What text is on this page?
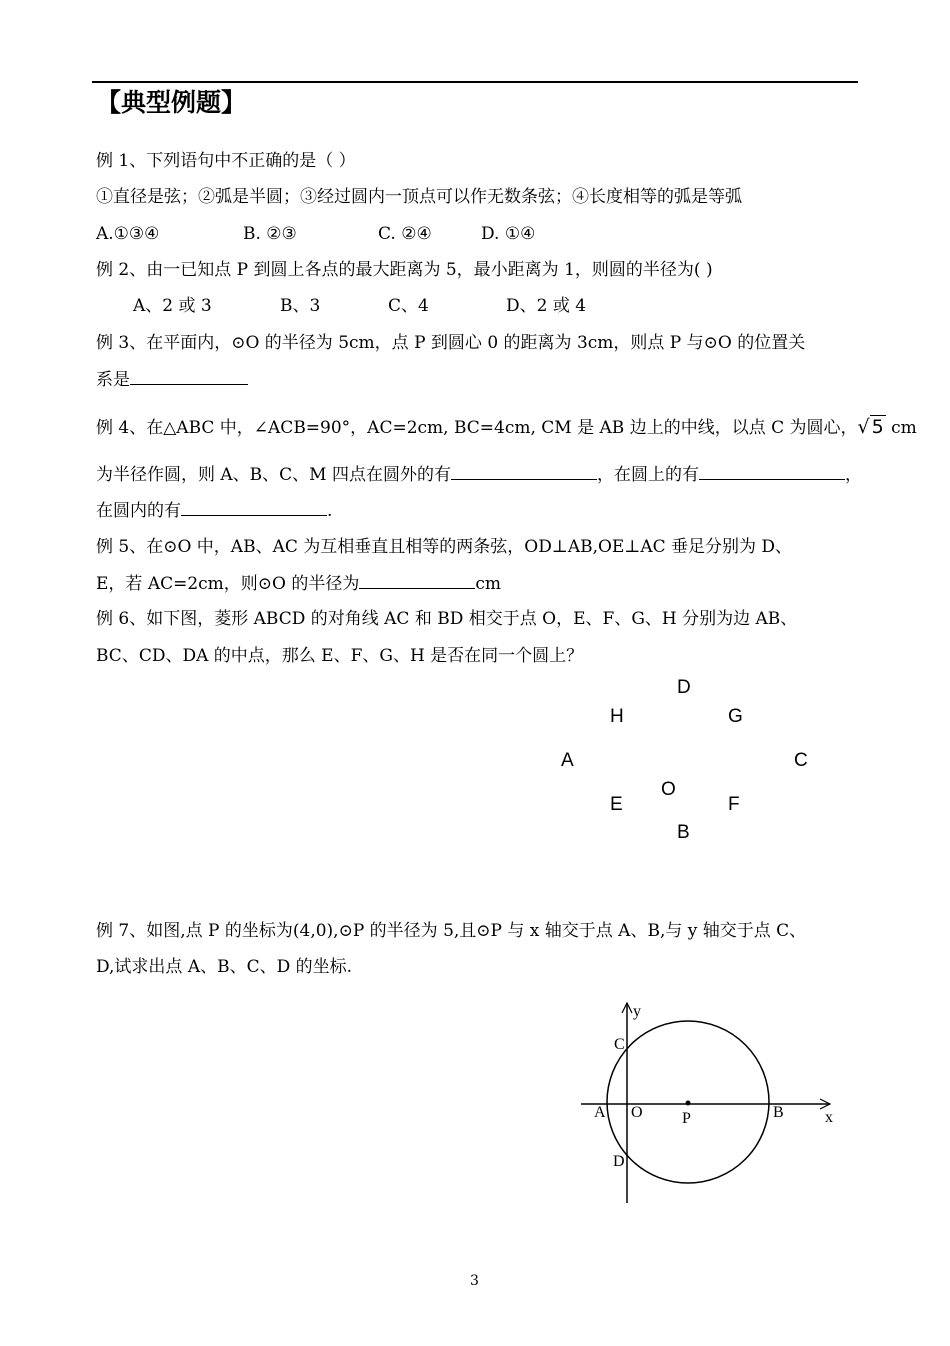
【典型例题】
例 1、下列语句中不正确的是（ ）
①直径是弦；②弧是半圆；③经过圆内一顶点可以作无数条弦；④长度相等的弧是等弧
A.①③④	B. ②③	C. ②④	D. ①④
例 2、由一已知点 P 到圆上各点的最大距离为 5，最小距离为 1，则圆的半径为( )
A、2 或 3	B、3	C、4	D、2 或 4
例 3、在平面内，⊙O 的半径为 5cm，点 P 到圆心 0 的距离为 3cm，则点 P 与⊙O 的位置关
系是
例 4、在△ABC 中，∠ACB=90°，AC=2cm, BC=4cm, CM 是 AB 边上的中线，以点 C 为圆心，√ 5 cm
为半径作圆，则 A、B、C、M 四点在圆外的有	，在圆上的有	，
在圆内的有	.
例 5、在⊙O 中，AB、AC 为互相垂直且相等的两条弦，OD⊥AB,OE⊥AC 垂足分别为 D、
E，若 AC=2cm，则⊙O 的半径为	cm
例 6、如下图，菱形 ABCD 的对角线 AC 和 BD 相交于点 O，E、F、G、H 分别为边 AB、
BC、CD、DA 的中点，那么 E、F、G、H 是否在同一个圆上？
D
H	G
A	C
O
E	F
B
例 7、如图,点 P 的坐标为(4,0),⊙P 的半径为 5,且⊙P 与 x 轴交于点 A、B,与 y 轴交于点 C、
D,试求出点 A、B、C、D 的坐标.
y
C
A O P	B	x
D
3
